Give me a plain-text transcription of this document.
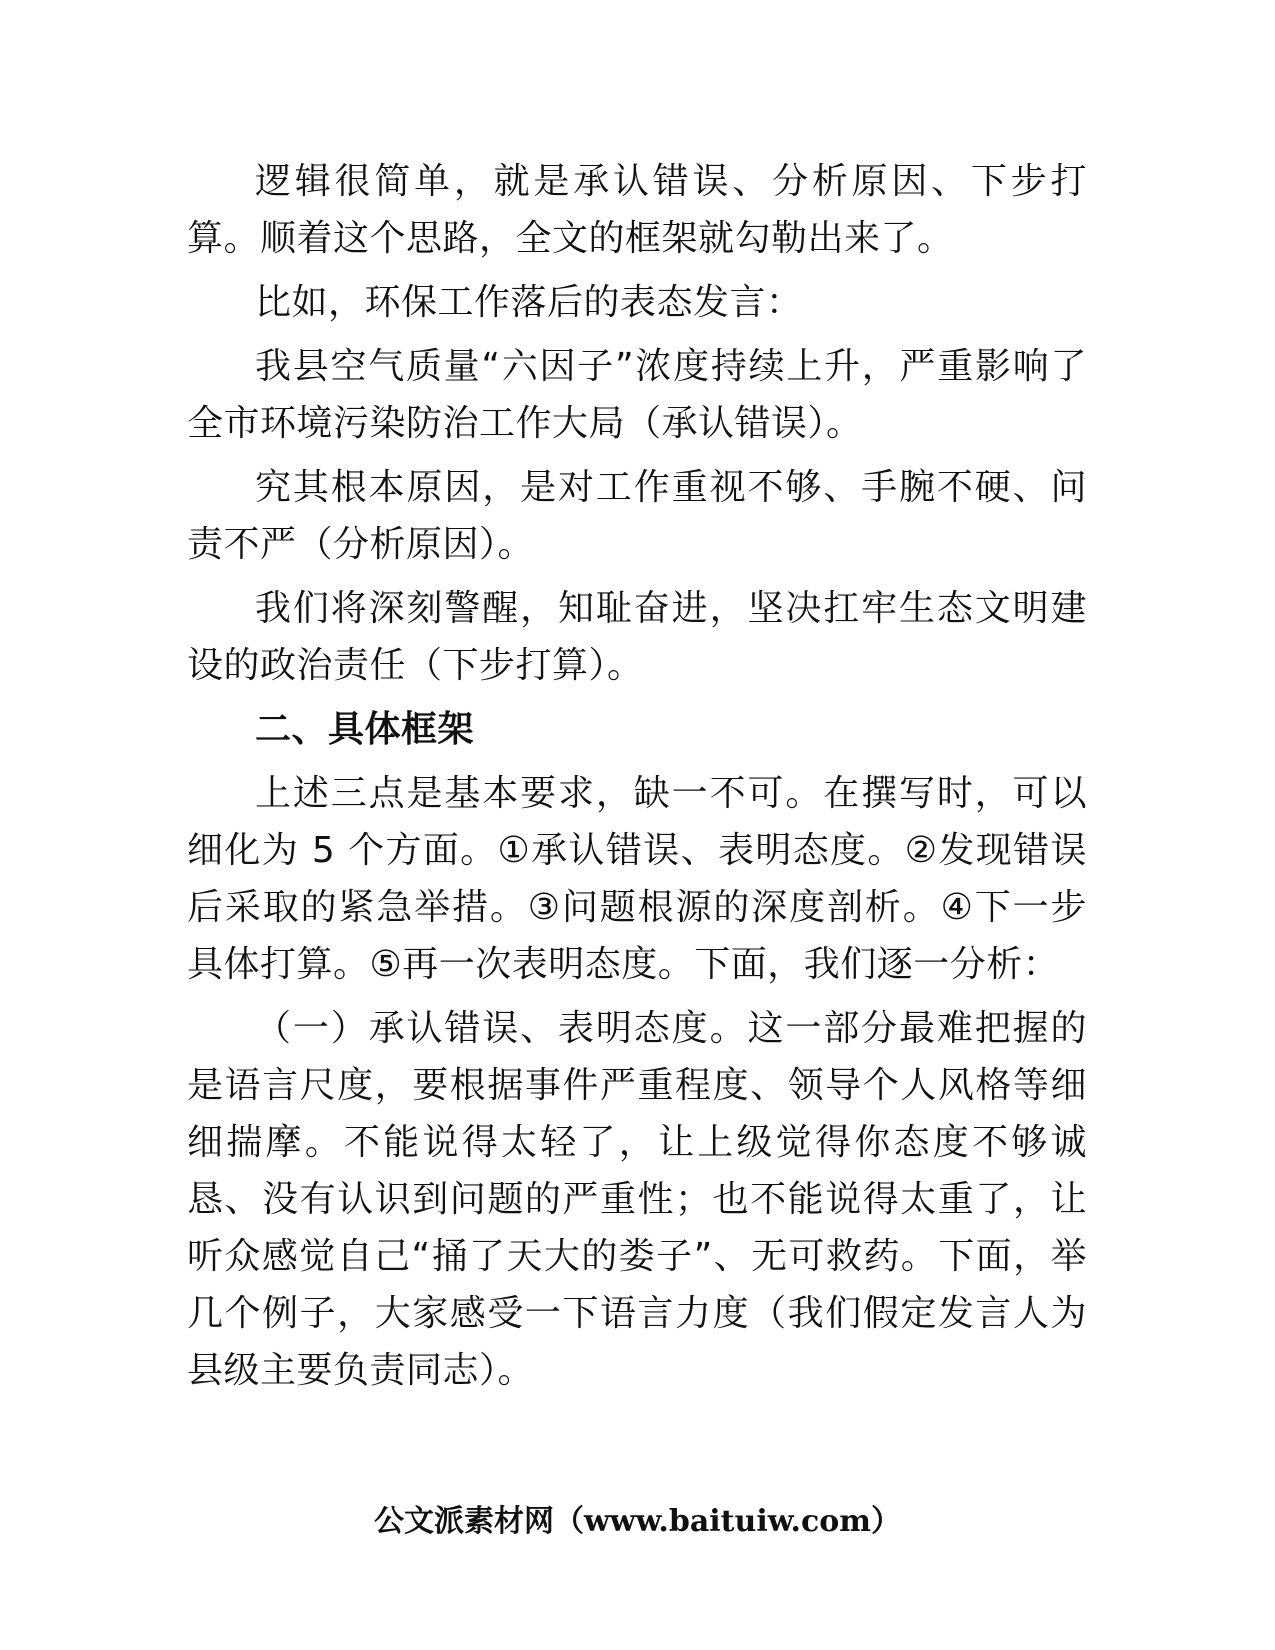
逻辑很简单，就是承认错误、分析原因、下步打算。顺着这个思路，全文的框架就勾勒出来了。

比如，环保工作落后的表态发言：

我县空气质量“六因子”浓度持续上升，严重影响了全市环境污染防治工作大局（承认错误）。

究其根本原因，是对工作重视不够、手腕不硬、问责不严（分析原因）。

我们将深刻警醒，知耻奋进，坚决扛牢生态文明建设的政治责任（下步打算）。

二、具体框架

上述三点是基本要求，缺一不可。在撰写时，可以细化为 5 个方面。①承认错误、表明态度。②发现错误后采取的紧急举措。③问题根源的深度剖析。④下一步具体打算。⑤再一次表明态度。下面，我们逐一分析：

（一）承认错误、表明态度。这一部分最难把握的是语言尺度，要根据事件严重程度、领导个人风格等细细揣摩。不能说得太轻了，让上级觉得你态度不够诚恳、没有认识到问题的严重性；也不能说得太重了，让听众感觉自己“捅了天大的娄子”、无可救药。下面，举几个例子，大家感受一下语言力度（我们假定发言人为县级主要负责同志）。

公文派素材网（www.baituiw.com）
